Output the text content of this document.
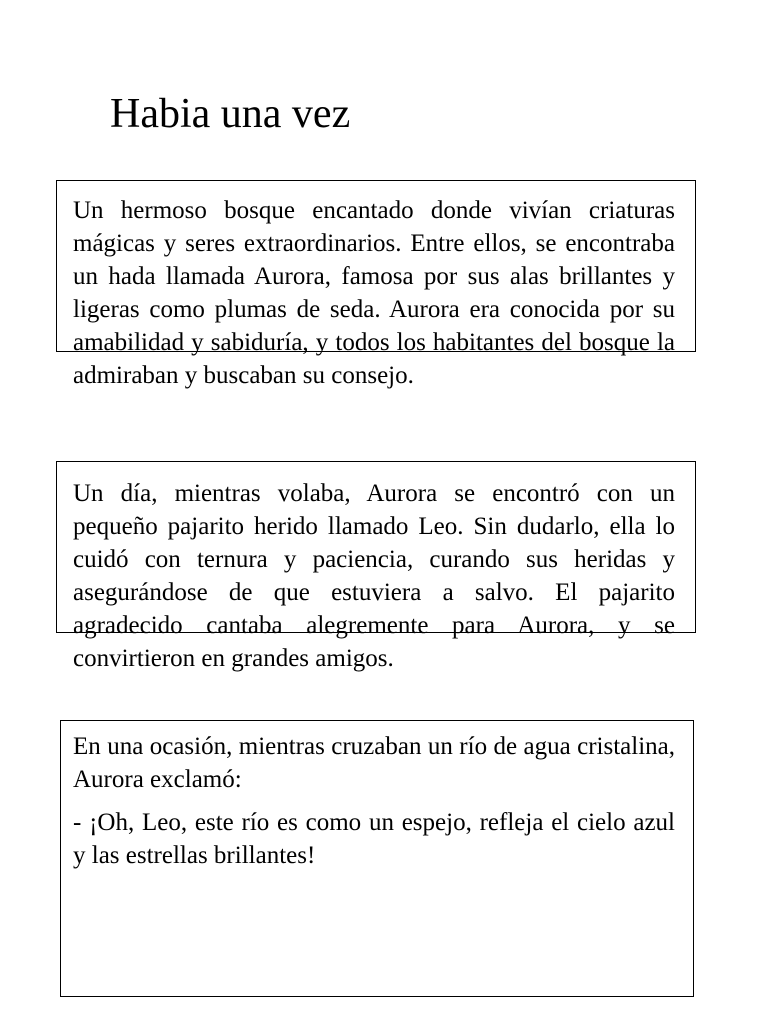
Habia una vez

Un hermoso bosque encantado donde vivían criaturas mágicas y seres extraordinarios. Entre ellos, se encontraba un hada llamada Aurora, famosa por sus alas brillantes y ligeras como plumas de seda. Aurora era conocida por su amabilidad y sabiduría, y todos los habitantes del bosque la admiraban y buscaban su consejo.

Un día, mientras volaba, Aurora se encontró con un pequeño pajarito herido llamado Leo. Sin dudarlo, ella lo cuidó con ternura y paciencia, curando sus heridas y asegurándose de que estuviera a salvo. El pajarito agradecido cantaba alegremente para Aurora, y se convirtieron en grandes amigos.

En una ocasión, mientras cruzaban un río de agua cristalina, Aurora exclamó:

- ¡Oh, Leo, este río es como un espejo, refleja el cielo azul y las estrellas brillantes!
